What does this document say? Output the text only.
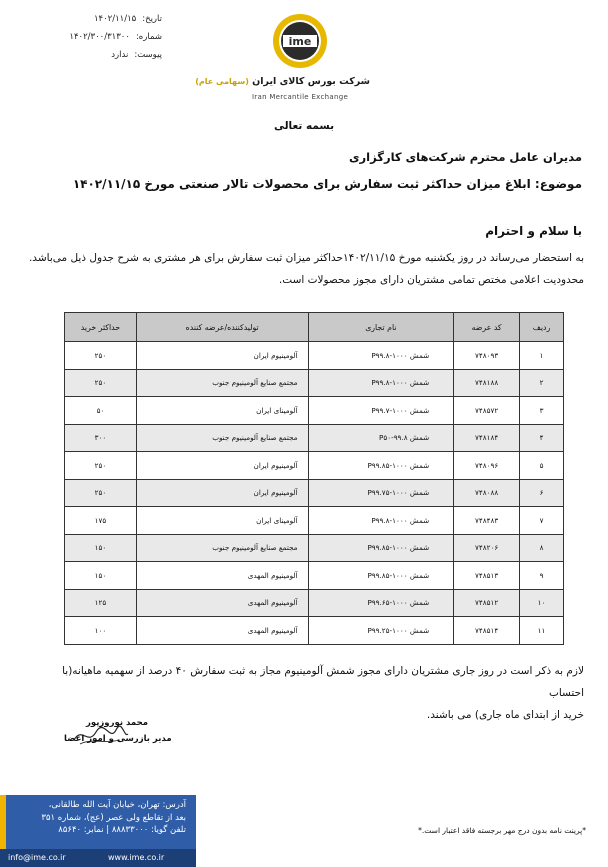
تاریخ:
۱۴۰۲/۱۱/۱۵
شماره:
۱۴۰۲/۳۰۰/۳۱۳۰۰
پیوست:
ندارد
ime
شرکت بورس کالای ایران (سهامی عام)
Iran Mercantile Exchange
بسمه تعالی
مدیران عامل محترم شرکت‌های کارگزاری
موضوع: ابلاغ میزان حداکثر ثبت سفارش برای محصولات تالار صنعتی مورخ ۱۴۰۲/۱۱/۱۵
با سلام و احترام
به استحضار می‌رساند در روز یکشنبه مورخ ۱۴۰۲/۱۱/۱۵حداکثر میزان ثبت سفارش برای هر مشتری به شرح جدول ذیل می‌باشد.
محدودیت اعلامی مختص تمامی مشتریان دارای مجوز محصولات است.
ردیف	کد عرضه	نام تجاری	تولیدکننده/عرضه کننده	حداکثر خرید
۱	۷۴۸۰۹۳	شمش ۱۰۰۰-P۹۹.۸	آلومینیوم ایران	۲۵۰
۲	۷۴۸۱۸۸	شمش ۱۰۰۰-P۹۹.۸	مجتمع صنایع آلومینیوم جنوب	۲۵۰
۳	۷۴۸۵۷۲	شمش ۱۰۰۰-P۹۹.۷	آلومینای ایران	۵۰
۴	۷۴۸۱۸۴	شمش ۹۹.۸-P۵۰	مجتمع صنایع آلومینیوم جنوب	۳۰۰
۵	۷۴۸۰۹۶	شمش ۱۰۰۰-P۹۹.۸۵	آلومینیوم ایران	۲۵۰
۶	۷۴۸۰۸۸	شمش ۱۰۰۰-P۹۹.۷۵	آلومینیوم ایران	۲۵۰
۷	۷۴۸۴۸۳	شمش ۱۰۰۰-P۹۹.۸	آلومینای ایران	۱۷۵
۸	۷۴۸۲۰۶	شمش ۱۰۰۰-P۹۹.۸۵	مجتمع صنایع آلومینیوم جنوب	۱۵۰
۹	۷۴۸۵۱۳	شمش ۱۰۰۰-P۹۹.۸۵	آلومینیوم المهدی	۱۵۰
۱۰	۷۴۸۵۱۲	شمش ۱۰۰۰-P۹۹.۶۵	آلومینیوم المهدی	۱۲۵
۱۱	۷۴۸۵۱۴	شمش ۱۰۰۰-P۹۹.۲۵	آلومینیوم المهدی	۱۰۰
لازم به ذکر است در روز جاری مشتریان دارای مجوز شمش آلومینیوم مجاز به ثبت سفارش ۴۰ درصد از سهمیه ماهیانه(با احتساب
خرید از ابتدای ماه جاری) می باشند.
محمد نوروزپور
مدیر بازرسی و امور اعضا
آدرس: تهران، خیابان آیت الله طالقانی،
بعد از تقاطع ولی عصر (عج)، شماره ۳۵۱
تلفن گویا: ۸۸۸۳۳۰۰۰ | نمابر: ۸۵۶۴۰
info@ime.co.ir	www.ime.co.ir
*پرینت نامه بدون درج مهر برجسته فاقد اعتبار است.*
